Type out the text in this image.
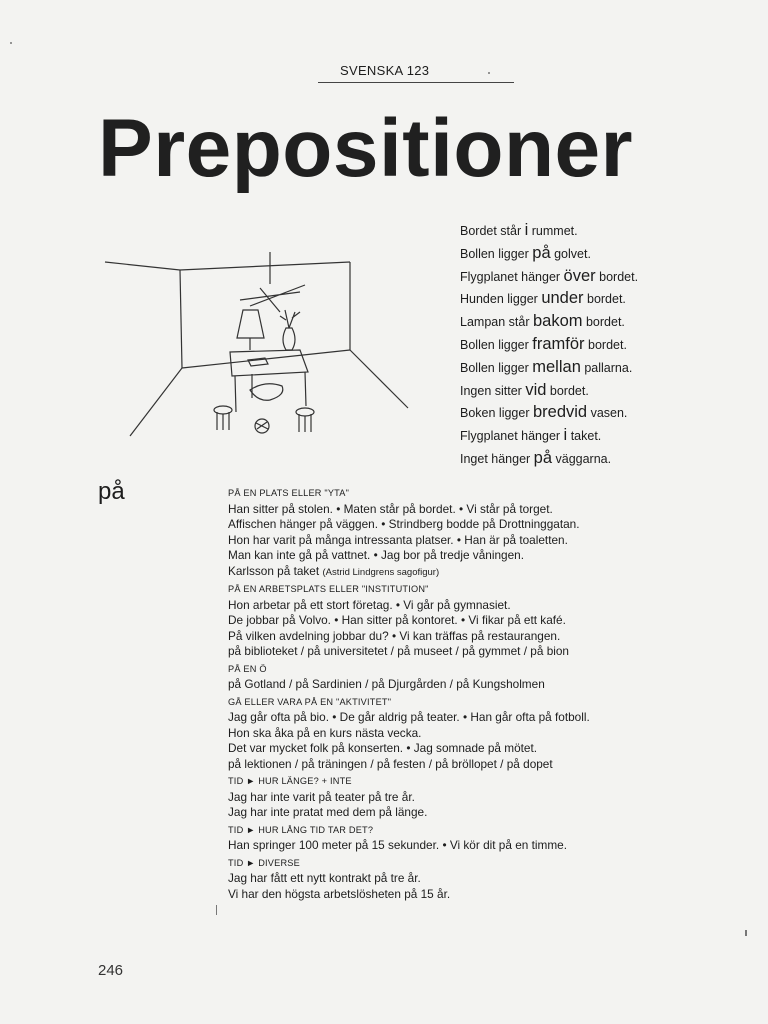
SVENSKA 123
Prepositioner
Bordet står i rummet.
Bollen ligger på golvet.
Flygplanet hänger över bordet.
Hunden ligger under bordet.
Lampan står bakom bordet.
Bollen ligger framför bordet.
Bollen ligger mellan pallarna.
Ingen sitter vid bordet.
Boken ligger bredvid vasen.
Flygplanet hänger i taket.
Inget hänger på väggarna.
på	PÅ EN PLATS ELLER "YTA"
Han sitter på stolen. • Maten står på bordet. • Vi står på torget.
Affischen hänger på väggen. • Strindberg bodde på Drottninggatan.
Hon har varit på många intressanta platser. • Han är på toaletten.
Man kan inte gå på vattnet. • Jag bor på tredje våningen.
Karlsson på taket (Astrid Lindgrens sagofigur)
PÅ EN ARBETSPLATS ELLER "INSTITUTION"
Hon arbetar på ett stort företag. • Vi går på gymnasiet.
De jobbar på Volvo. • Han sitter på kontoret. • Vi fikar på ett kafé.
På vilken avdelning jobbar du? • Vi kan träffas på restaurangen.
på biblioteket / på universitetet / på museet / på gymmet / på bion
PÅ EN Ö
på Gotland / på Sardinien / på Djurgården / på Kungsholmen
GÅ ELLER VARA PÅ EN "AKTIVITET"
Jag går ofta på bio. • De går aldrig på teater. • Han går ofta på fotboll.
Hon ska åka på en kurs nästa vecka.
Det var mycket folk på konserten. • Jag somnade på mötet.
på lektionen / på träningen / på festen / på bröllopet / på dopet
TID ► HUR LÄNGE? + INTE
Jag har inte varit på teater på tre år.
Jag har inte pratat med dem på länge.
TID ► HUR LÅNG TID TAR DET?
Han springer 100 meter på 15 sekunder. • Vi kör dit på en timme.
TID ► DIVERSE
Jag har fått ett nytt kontrakt på tre år.
Vi har den högsta arbetslösheten på 15 år.
246
